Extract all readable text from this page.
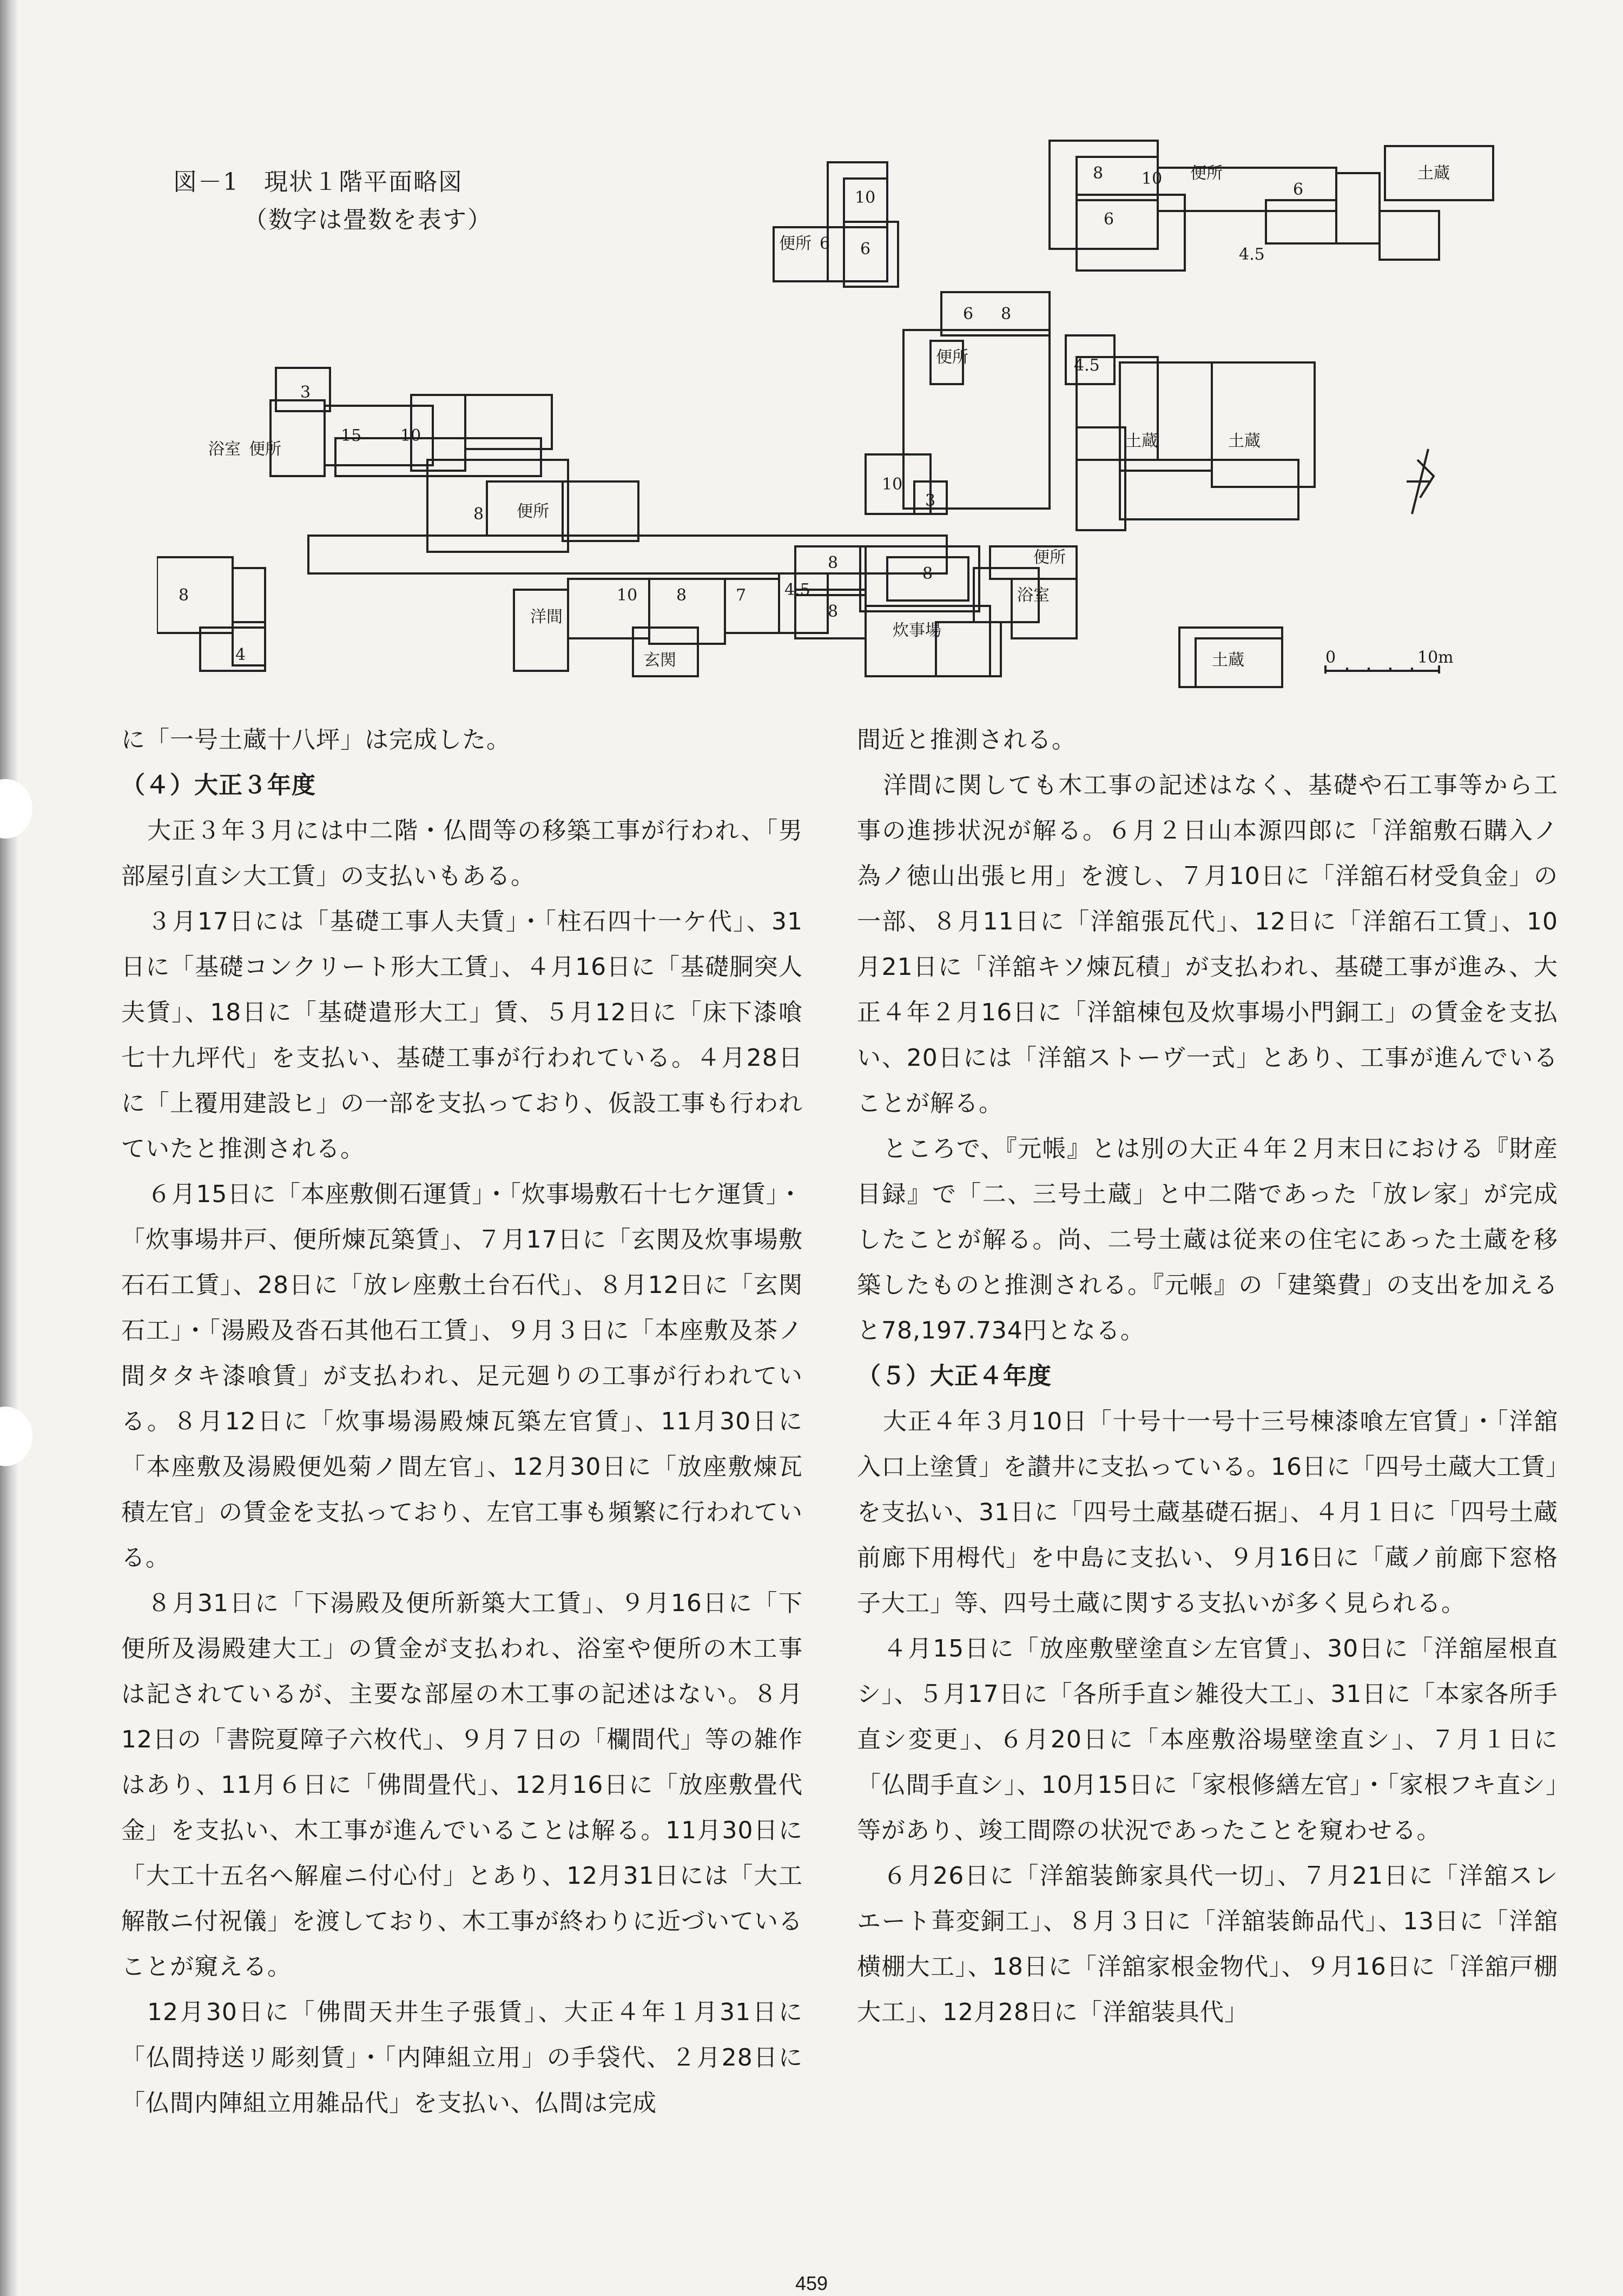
図－1　現状１階平面略図
（数字は畳数を表す）
0	10m
10
6 6
便所
8 10 便所
6
土蔵
6
4.5
6 8
4.5
便所
土蔵	土蔵
10
3
3
浴室 便所
15 10
8 便所
8
8
便所
浴室
8
洋間
10 8	7 4.5
玄関
8
炊事場
4	土蔵

に「一号土蔵十八坪」は完成した。

（４）大正３年度

大正３年３月には中二階・仏間等の移築工事が行われ、「男部屋引直シ大工賃」の支払いもある。

３月17日には「基礎工事人夫賃」・「柱石四十一ケ代」、31日に「基礎コンクリート形大工賃」、４月16日に「基礎胴突人夫賃」、18日に「基礎遣形大工」賃、５月12日に「床下漆喰七十九坪代」を支払い、基礎工事が行われている。４月28日に「上覆用建設ヒ」の一部を支払っており、仮設工事も行われていたと推測される。

６月15日に「本座敷側石運賃」・「炊事場敷石十七ケ運賃」・「炊事場井戸、便所煉瓦築賃」、７月17日に「玄関及炊事場敷石石工賃」、28日に「放レ座敷土台石代」、８月12日に「玄関石工」・「湯殿及沓石其他石工賃」、９月３日に「本座敷及茶ノ間タタキ漆喰賃」が支払われ、足元廻りの工事が行われている。８月12日に「炊事場湯殿煉瓦築左官賃」、11月30日に「本座敷及湯殿便処菊ノ間左官」、12月30日に「放座敷煉瓦積左官」の賃金を支払っており、左官工事も頻繁に行われている。

８月31日に「下湯殿及便所新築大工賃」、９月16日に「下便所及湯殿建大工」の賃金が支払われ、浴室や便所の木工事は記されているが、主要な部屋の木工事の記述はない。８月12日の「書院夏障子六枚代」、９月７日の「欄間代」等の雑作はあり、11月６日に「佛間畳代」、12月16日に「放座敷畳代金」を支払い、木工事が進んでいることは解る。11月30日に「大工十五名へ解雇ニ付心付」とあり、12月31日には「大工解散ニ付祝儀」を渡しており、木工事が終わりに近づいていることが窺える。

12月30日に「佛間天井生子張賃」、大正４年１月31日に「仏間持送リ彫刻賃」・「内陣組立用」の手袋代、２月28日に「仏間内陣組立用雑品代」を支払い、仏間は完成

間近と推測される。

洋間に関しても木工事の記述はなく、基礎や石工事等から工事の進捗状況が解る。６月２日山本源四郎に「洋舘敷石購入ノ為ノ徳山出張ヒ用」を渡し、７月10日に「洋舘石材受負金」の一部、８月11日に「洋舘張瓦代」、12日に「洋舘石工賃」、10月21日に「洋舘キソ煉瓦積」が支払われ、基礎工事が進み、大正４年２月16日に「洋舘棟包及炊事場小門銅工」の賃金を支払い、20日には「洋舘ストーヴ一式」とあり、工事が進んでいることが解る。

ところで、『元帳』とは別の大正４年２月末日における『財産目録』で「二、三号土蔵」と中二階であった「放レ家」が完成したことが解る。尚、二号土蔵は従来の住宅にあった土蔵を移築したものと推測される。『元帳』の「建築費」の支出を加えると78,197.734円となる。

（５）大正４年度

大正４年３月10日「十号十一号十三号棟漆喰左官賃」・「洋舘入口上塗賃」を讃井に支払っている。16日に「四号土蔵大工賃」を支払い、31日に「四号土蔵基礎石据」、４月１日に「四号土蔵前廊下用栂代」を中島に支払い、９月16日に「蔵ノ前廊下窓格子大工」等、四号土蔵に関する支払いが多く見られる。

４月15日に「放座敷壁塗直シ左官賃」、30日に「洋舘屋根直シ」、５月17日に「各所手直シ雑役大工」、31日に「本家各所手直シ変更」、６月20日に「本座敷浴場壁塗直シ」、７月１日に「仏間手直シ」、10月15日に「家根修繕左官」・「家根フキ直シ」等があり、竣工間際の状況であったことを窺わせる。

６月26日に「洋舘装飾家具代一切」、７月21日に「洋舘スレエート葺変銅工」、８月３日に「洋舘装飾品代」、13日に「洋舘横棚大工」、18日に「洋舘家根金物代」、９月16日に「洋舘戸棚大工」、12月28日に「洋舘装具代」

459
